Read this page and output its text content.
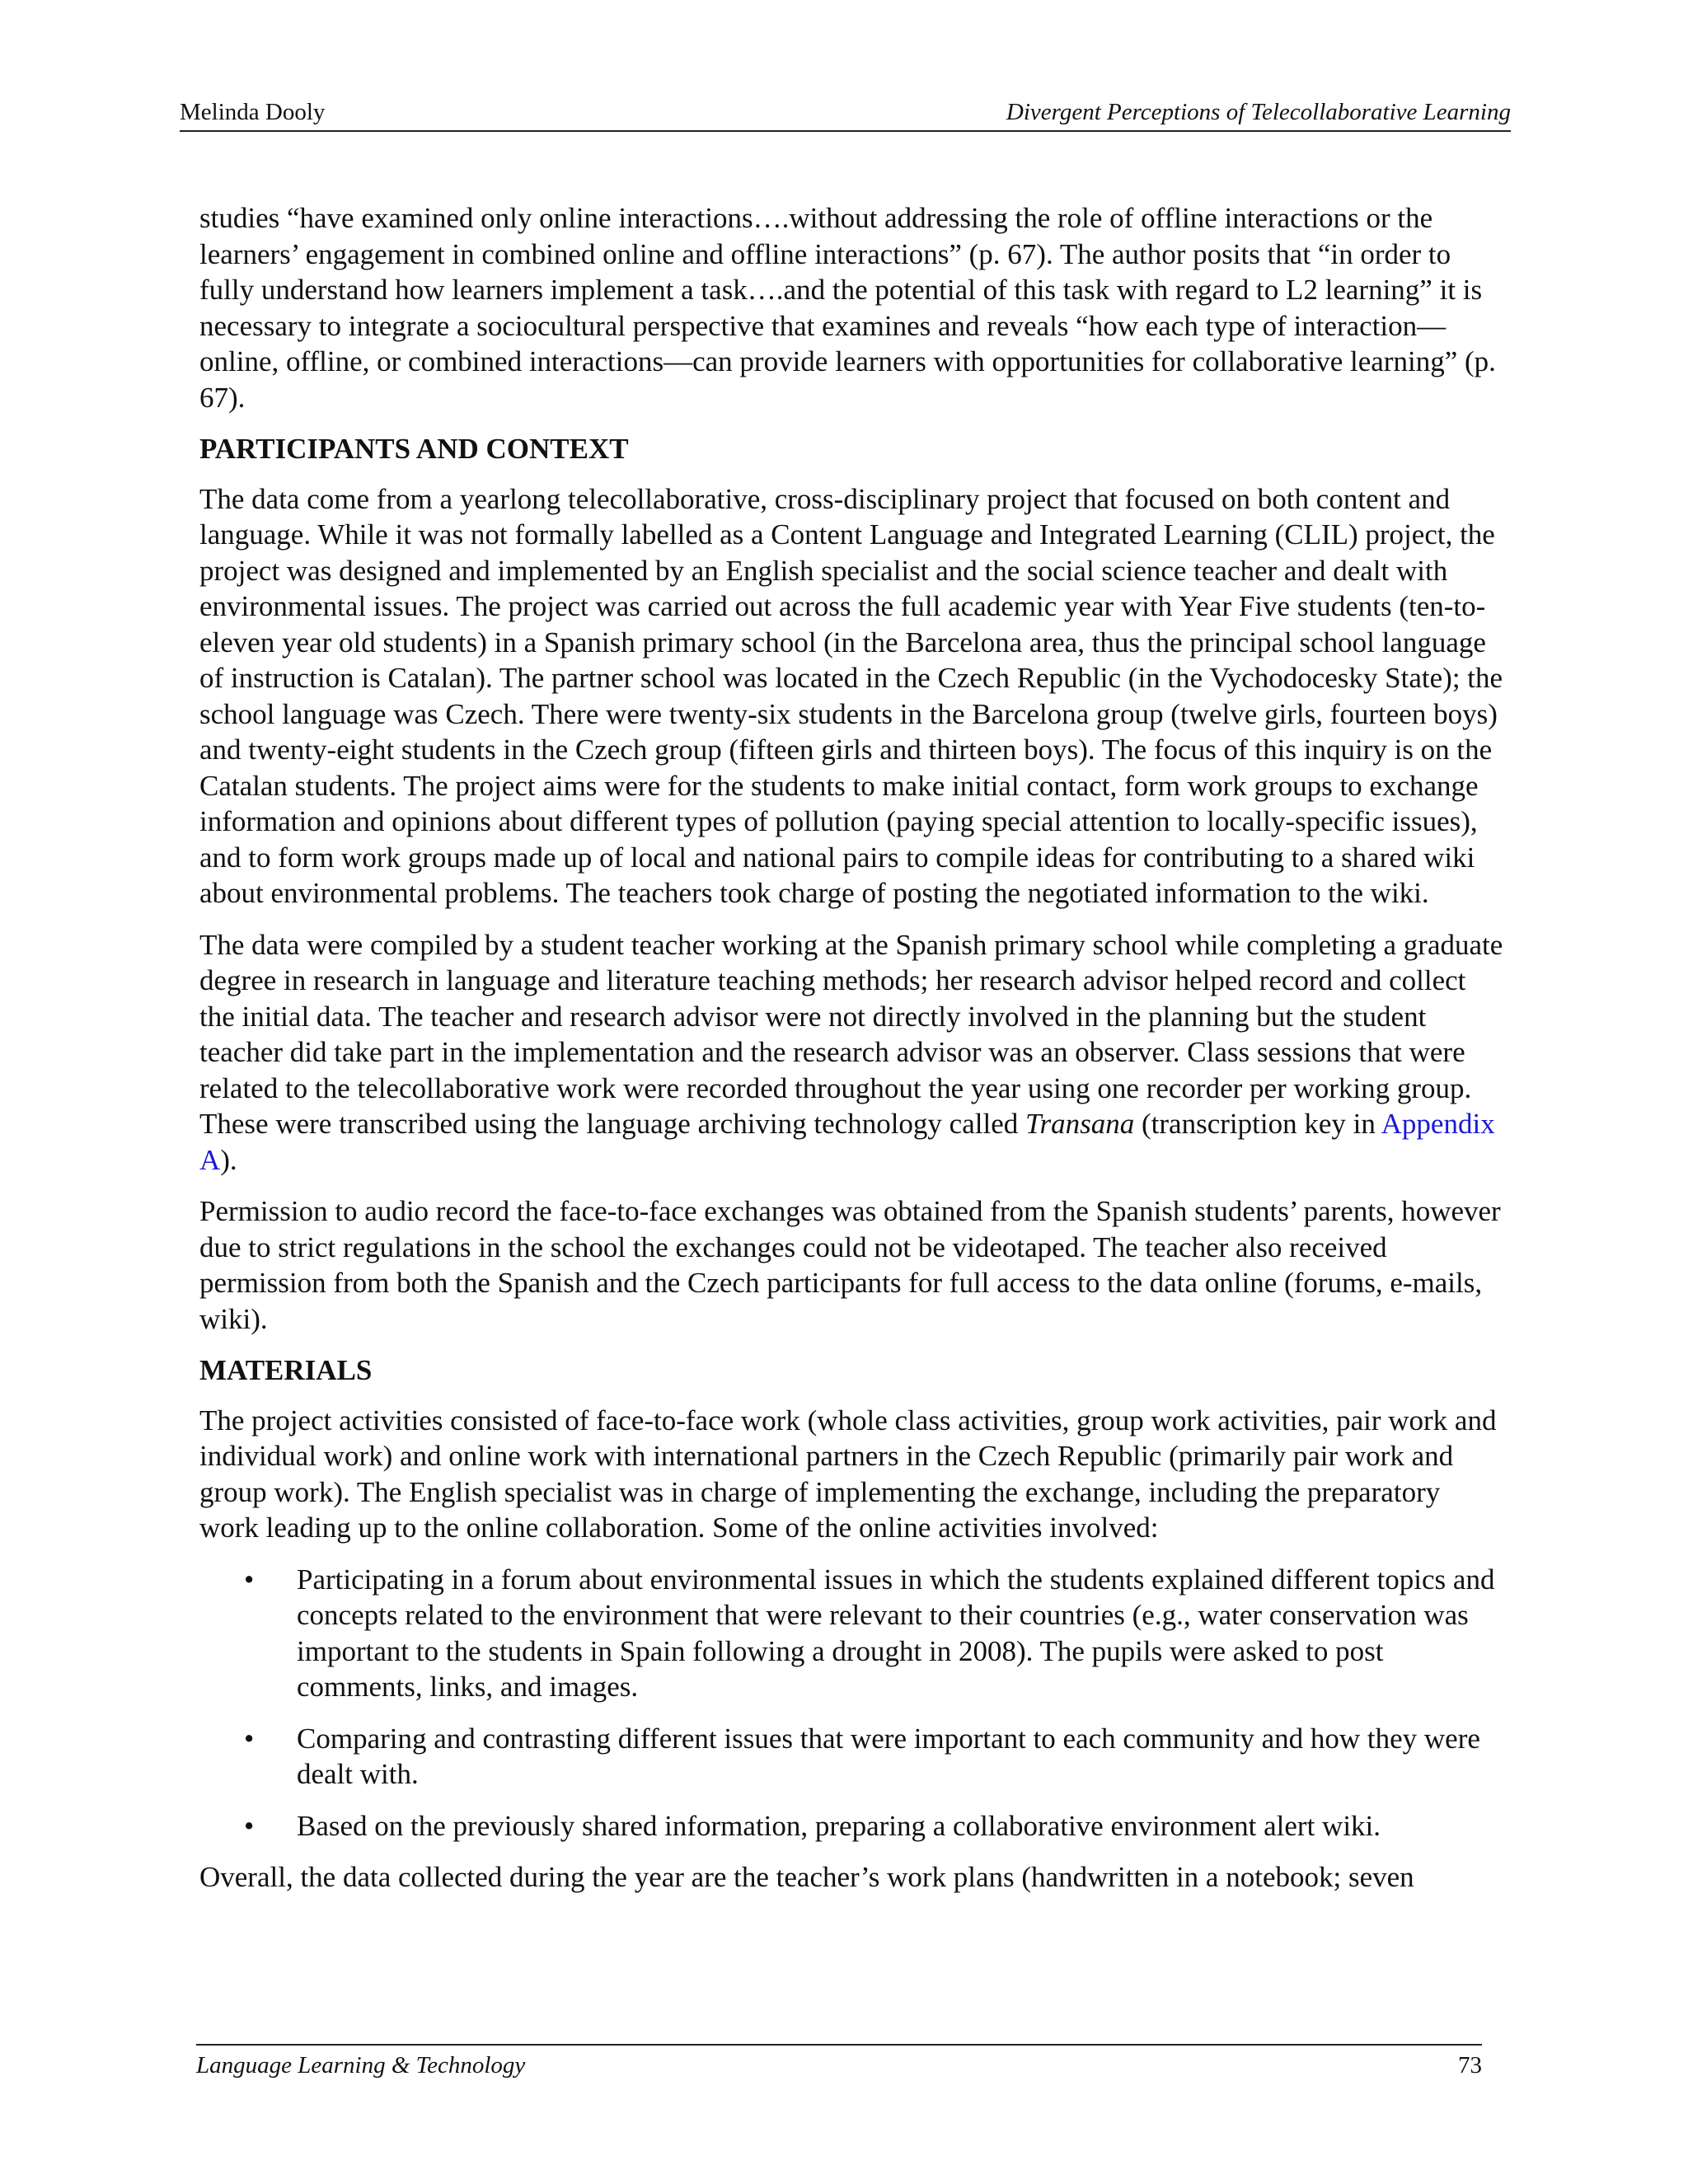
Melinda Dooly	Divergent Perceptions of Telecollaborative Learning

studies “have examined only online interactions….without addressing the role of offline interactions or the learners’ engagement in combined online and offline interactions” (p. 67). The author posits that “in order to fully understand how learners implement a task….and the potential of this task with regard to L2 learning” it is necessary to integrate a sociocultural perspective that examines and reveals “how each type of interaction—online, offline, or combined interactions—can provide learners with opportunities for collaborative learning” (p. 67).

PARTICIPANTS AND CONTEXT

The data come from a yearlong telecollaborative, cross-disciplinary project that focused on both content and language. While it was not formally labelled as a Content Language and Integrated Learning (CLIL) project, the project was designed and implemented by an English specialist and the social science teacher and dealt with environmental issues. The project was carried out across the full academic year with Year Five students (ten-to-eleven year old students) in a Spanish primary school (in the Barcelona area, thus the principal school language of instruction is Catalan). The partner school was located in the Czech Republic (in the Vychodocesky State); the school language was Czech. There were twenty-six students in the Barcelona group (twelve girls, fourteen boys) and twenty-eight students in the Czech group (fifteen girls and thirteen boys). The focus of this inquiry is on the Catalan students. The project aims were for the students to make initial contact, form work groups to exchange information and opinions about different types of pollution (paying special attention to locally-specific issues), and to form work groups made up of local and national pairs to compile ideas for contributing to a shared wiki about environmental problems. The teachers took charge of posting the negotiated information to the wiki.

The data were compiled by a student teacher working at the Spanish primary school while completing a graduate degree in research in language and literature teaching methods; her research advisor helped record and collect the initial data. The teacher and research advisor were not directly involved in the planning but the student teacher did take part in the implementation and the research advisor was an observer. Class sessions that were related to the telecollaborative work were recorded throughout the year using one recorder per working group. These were transcribed using the language archiving technology called Transana (transcription key in Appendix A).

Permission to audio record the face-to-face exchanges was obtained from the Spanish students’ parents, however due to strict regulations in the school the exchanges could not be videotaped. The teacher also received permission from both the Spanish and the Czech participants for full access to the data online (forums, e-mails, wiki).

MATERIALS

The project activities consisted of face-to-face work (whole class activities, group work activities, pair work and individual work) and online work with international partners in the Czech Republic (primarily pair work and group work). The English specialist was in charge of implementing the exchange, including the preparatory work leading up to the online collaboration. Some of the online activities involved:

• Participating in a forum about environmental issues in which the students explained different topics and concepts related to the environment that were relevant to their countries (e.g., water conservation was important to the students in Spain following a drought in 2008). The pupils were asked to post comments, links, and images.
• Comparing and contrasting different issues that were important to each community and how they were dealt with.
• Based on the previously shared information, preparing a collaborative environment alert wiki.

Overall, the data collected during the year are the teacher’s work plans (handwritten in a notebook; seven

Language Learning & Technology	73
